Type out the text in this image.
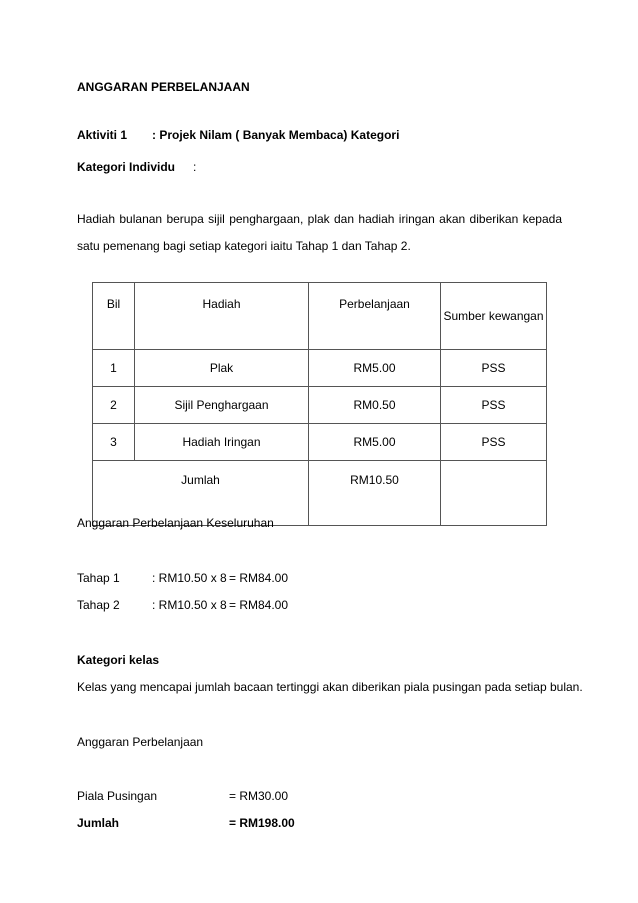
ANGGARAN PERBELANJAAN
Aktiviti 1 : Projek Nilam ( Banyak Membaca) Kategori
Kategori Individu :
Hadiah bulanan berupa sijil penghargaan, plak dan hadiah iringan akan diberikan kepada satu pemenang bagi setiap kategori iaitu Tahap 1 dan Tahap 2.
Bil	Hadiah	Perbelanjaan	Sumber kewangan
1	Plak	RM5.00	PSS
2	Sijil Penghargaan	RM0.50	PSS
3	Hadiah Iringan	RM5.00	PSS
Jumlah		RM10.50	
Anggaran Perbelanjaan Keseluruhan
Tahap 1	: RM10.50 x 8 = RM84.00
Tahap 2	: RM10.50 x 8 = RM84.00
Kategori kelas
Kelas yang mencapai jumlah bacaan tertinggi akan diberikan piala pusingan pada setiap bulan.
Anggaran Perbelanjaan
Piala Pusingan	= RM30.00
Jumlah	= RM198.00
